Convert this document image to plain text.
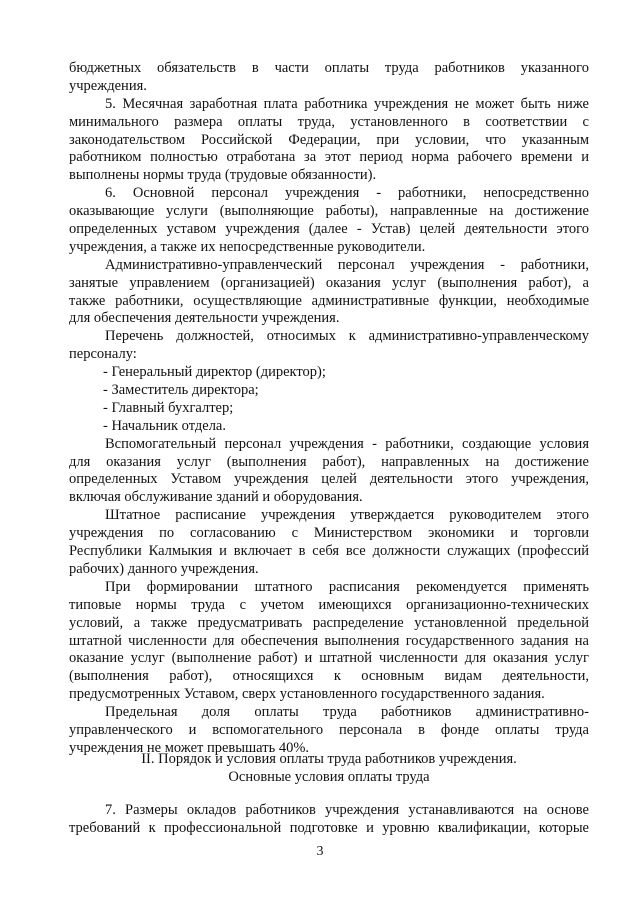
бюджетных обязательств в части оплаты труда работников указанного
учреждения.
5. Месячная заработная плата работника учреждения не может быть ниже
минимального размера оплаты труда, установленного в соответствии с
законодательством Российской Федерации, при условии, что указанным
работником полностью отработана за этот период норма рабочего времени и
выполнены нормы труда (трудовые обязанности).
6. Основной персонал учреждения - работники, непосредственно
оказывающие услуги (выполняющие работы), направленные на достижение
определенных уставом учреждения (далее - Устав) целей деятельности этого
учреждения, а также их непосредственные руководители.
Административно-управленческий персонал учреждения - работники,
занятые управлением (организацией) оказания услуг (выполнения работ), а
также работники, осуществляющие административные функции, необходимые
для обеспечения деятельности учреждения.
Перечень должностей, относимых к административно-управленческому
персоналу:
- Генеральный директор (директор);
- Заместитель директора;
- Главный бухгалтер;
- Начальник отдела.
Вспомогательный персонал учреждения - работники, создающие условия
для оказания услуг (выполнения работ), направленных на достижение
определенных Уставом учреждения целей деятельности этого учреждения,
включая обслуживание зданий и оборудования.
Штатное расписание учреждения утверждается руководителем этого
учреждения по согласованию с Министерством экономики и торговли
Республики Калмыкия и включает в себя все должности служащих (профессий
рабочих) данного учреждения.
При формировании штатного расписания рекомендуется применять
типовые нормы труда с учетом имеющихся организационно-технических
условий, а также предусматривать распределение установленной предельной
штатной численности для обеспечения выполнения государственного задания на
оказание услуг (выполнение работ) и штатной численности для оказания услуг
(выполнения работ), относящихся к основным видам деятельности,
предусмотренных Уставом, сверх установленного государственного задания.
Предельная доля оплаты труда работников административно-
управленческого и вспомогательного персонала в фонде оплаты труда
учреждения не может превышать 40%.
II. Порядок и условия оплаты труда работников учреждения.
Основные условия оплаты труда
7. Размеры окладов работников учреждения устанавливаются на основе
требований к профессиональной подготовке и уровню квалификации, которые
3
